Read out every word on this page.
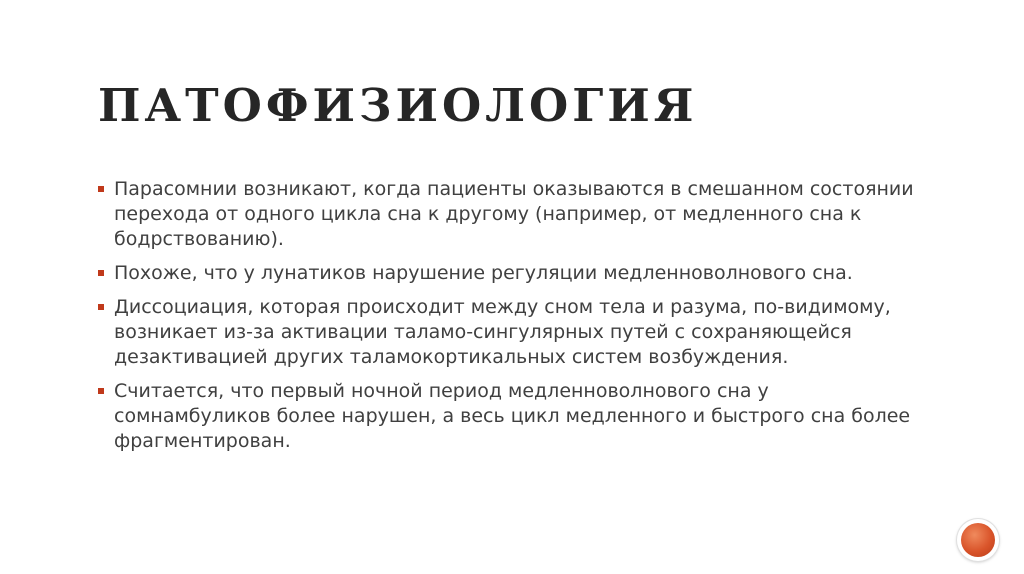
ПАТОФИЗИОЛОГИЯ
Парасомнии возникают, когда пациенты оказываются в смешанном состоянии перехода от одного цикла сна к другому (например, от медленного сна к бодрствованию).
Похоже, что у лунатиков нарушение регуляции медленноволнового сна.
Диссоциация, которая происходит между сном тела и разума, по-видимому, возникает из-за активации таламо-сингулярных путей с сохраняющейся дезактивацией других таламокортикальных систем возбуждения.
Считается, что первый ночной период медленноволнового сна у сомнамбуликов более нарушен, а весь цикл медленного и быстрого сна более фрагментирован.
